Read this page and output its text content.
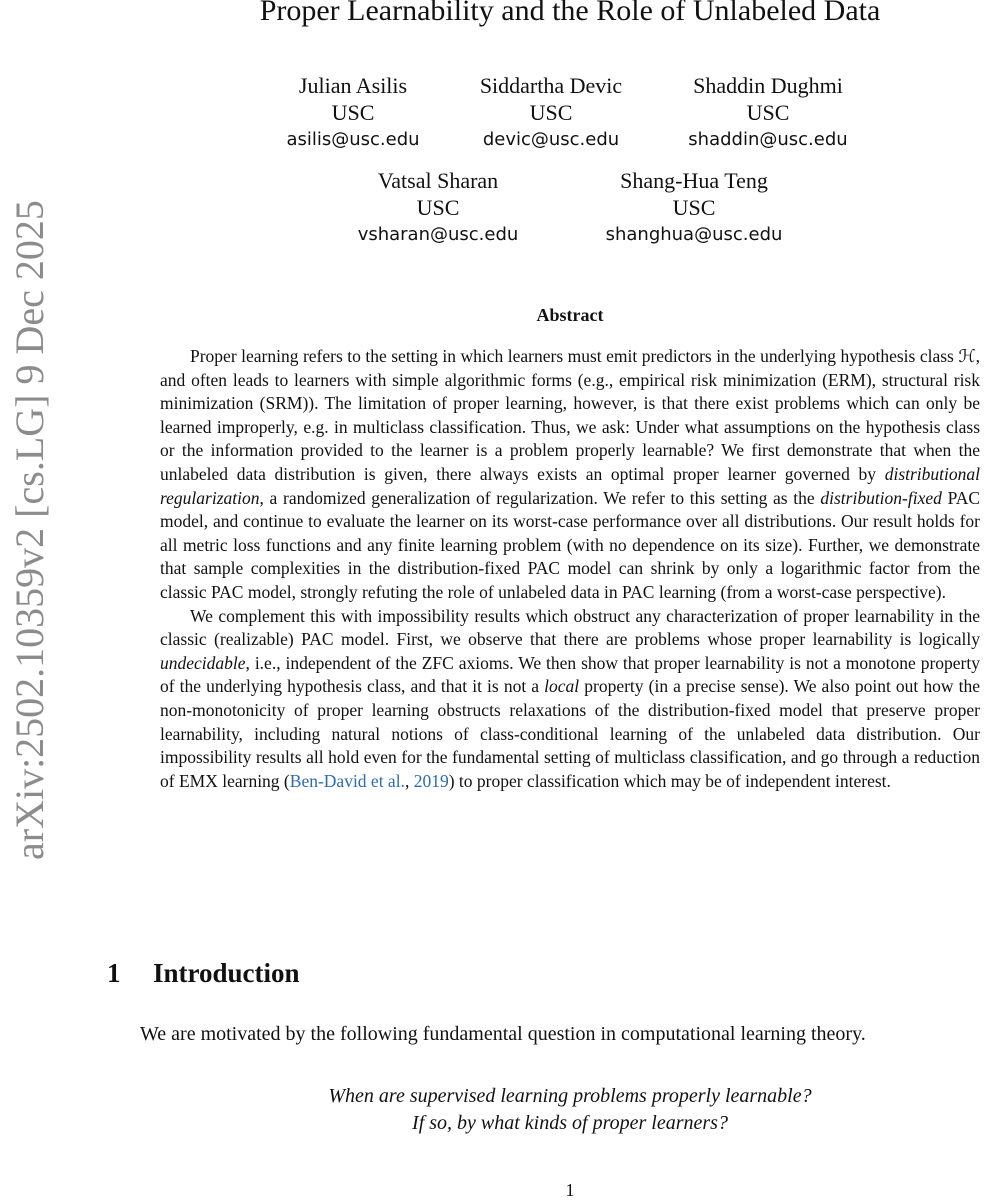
arXiv:2502.10359v2 [cs.LG] 9 Dec 2025
Proper Learnability and the Role of Unlabeled Data
Julian Asilis
USC
asilis@usc.edu
Siddartha Devic
USC
devic@usc.edu
Shaddin Dughmi
USC
shaddin@usc.edu
Vatsal Sharan
USC
vsharan@usc.edu
Shang-Hua Teng
USC
shanghua@usc.edu
Abstract

Proper learning refers to the setting in which learners must emit predictors in the underlying hypothesis class ℋ, and often leads to learners with simple algorithmic forms (e.g., empirical risk minimization (ERM), structural risk minimization (SRM)). The limitation of proper learning, however, is that there exist problems which can only be learned improperly, e.g. in multiclass classification. Thus, we ask: Under what assumptions on the hypothesis class or the information provided to the learner is a problem properly learnable? We first demonstrate that when the unlabeled data distribution is given, there always exists an optimal proper learner governed by distributional regularization, a randomized generalization of regularization. We refer to this setting as the distribution-fixed PAC model, and continue to evaluate the learner on its worst-case performance over all distributions. Our result holds for all metric loss functions and any finite learning problem (with no dependence on its size). Further, we demonstrate that sample complexities in the distribution-fixed PAC model can shrink by only a logarithmic factor from the classic PAC model, strongly refuting the role of unlabeled data in PAC learning (from a worst-case perspective).

We complement this with impossibility results which obstruct any characterization of proper learnability in the classic (realizable) PAC model. First, we observe that there are problems whose proper learnability is logically undecidable, i.e., independent of the ZFC axioms. We then show that proper learnability is not a monotone property of the underlying hypothesis class, and that it is not a local property (in a precise sense). We also point out how the non-monotonicity of proper learning obstructs relaxations of the distribution-fixed model that preserve proper learnability, including natural notions of class-conditional learning of the unlabeled data distribution. Our impossibility results all hold even for the fundamental setting of multiclass classification, and go through a reduction of EMX learning (Ben-David et al., 2019) to proper classification which may be of independent interest.

1 Introduction

We are motivated by the following fundamental question in computational learning theory.

When are supervised learning problems properly learnable?
If so, by what kinds of proper learners?
1
